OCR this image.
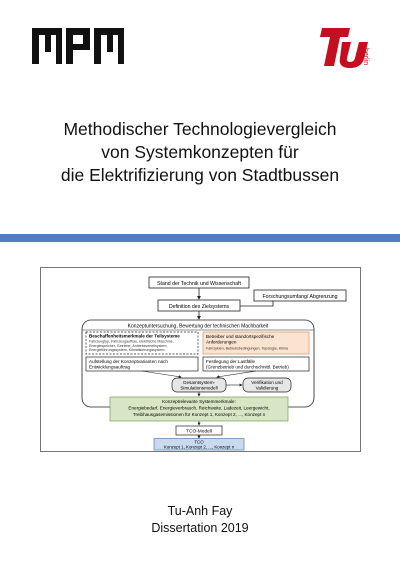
berlin
Methodischer Technologievergleich
von Systemkonzepten für
die Elektrifizierung von Stadtbussen
Stand der Technik und Wissenschaft
Definition des Zielsystems
Forschungsumfang/ Abgrenzung
Konzeptuntersuchung, Bewertung der technischen Machbarkeit
Beschaffenheitsmerkmale der Teilsysteme
Fahrzeugtyp, Fahrzeugaufbau, elektrische Maschine,
Energiespeicher, Getriebe, Antriebsverteilsystem,
Energieführungssystem, Klimatisierungssystem
Betreiber und standortspezifische
Anforderungen
Fahrzyklen, Betriebsbedingungen, Topologie, Klima
Aufstellung der Konzeptvarianten nach
Entwicklungsauftrag
Festlegung der Lastfälle
(Grenzbetrieb und durchschnittl. Betrieb)
Gesamtsystem-
Simulationsmodell
Verifikation und
Validierung
Konzeptrelevante Systemmerkmale:
Energiebedarf, Energieverbrauch, Reichweite, Ladezeit, Leergewicht,
Treibhausgasemissionen für Konzept 1, Konzept 2, ..., Konzept n
TCO-Modell
TCO
Konzept 1, Konzept 2, ..., Konzept n
Tu-Anh Fay
Dissertation 2019
